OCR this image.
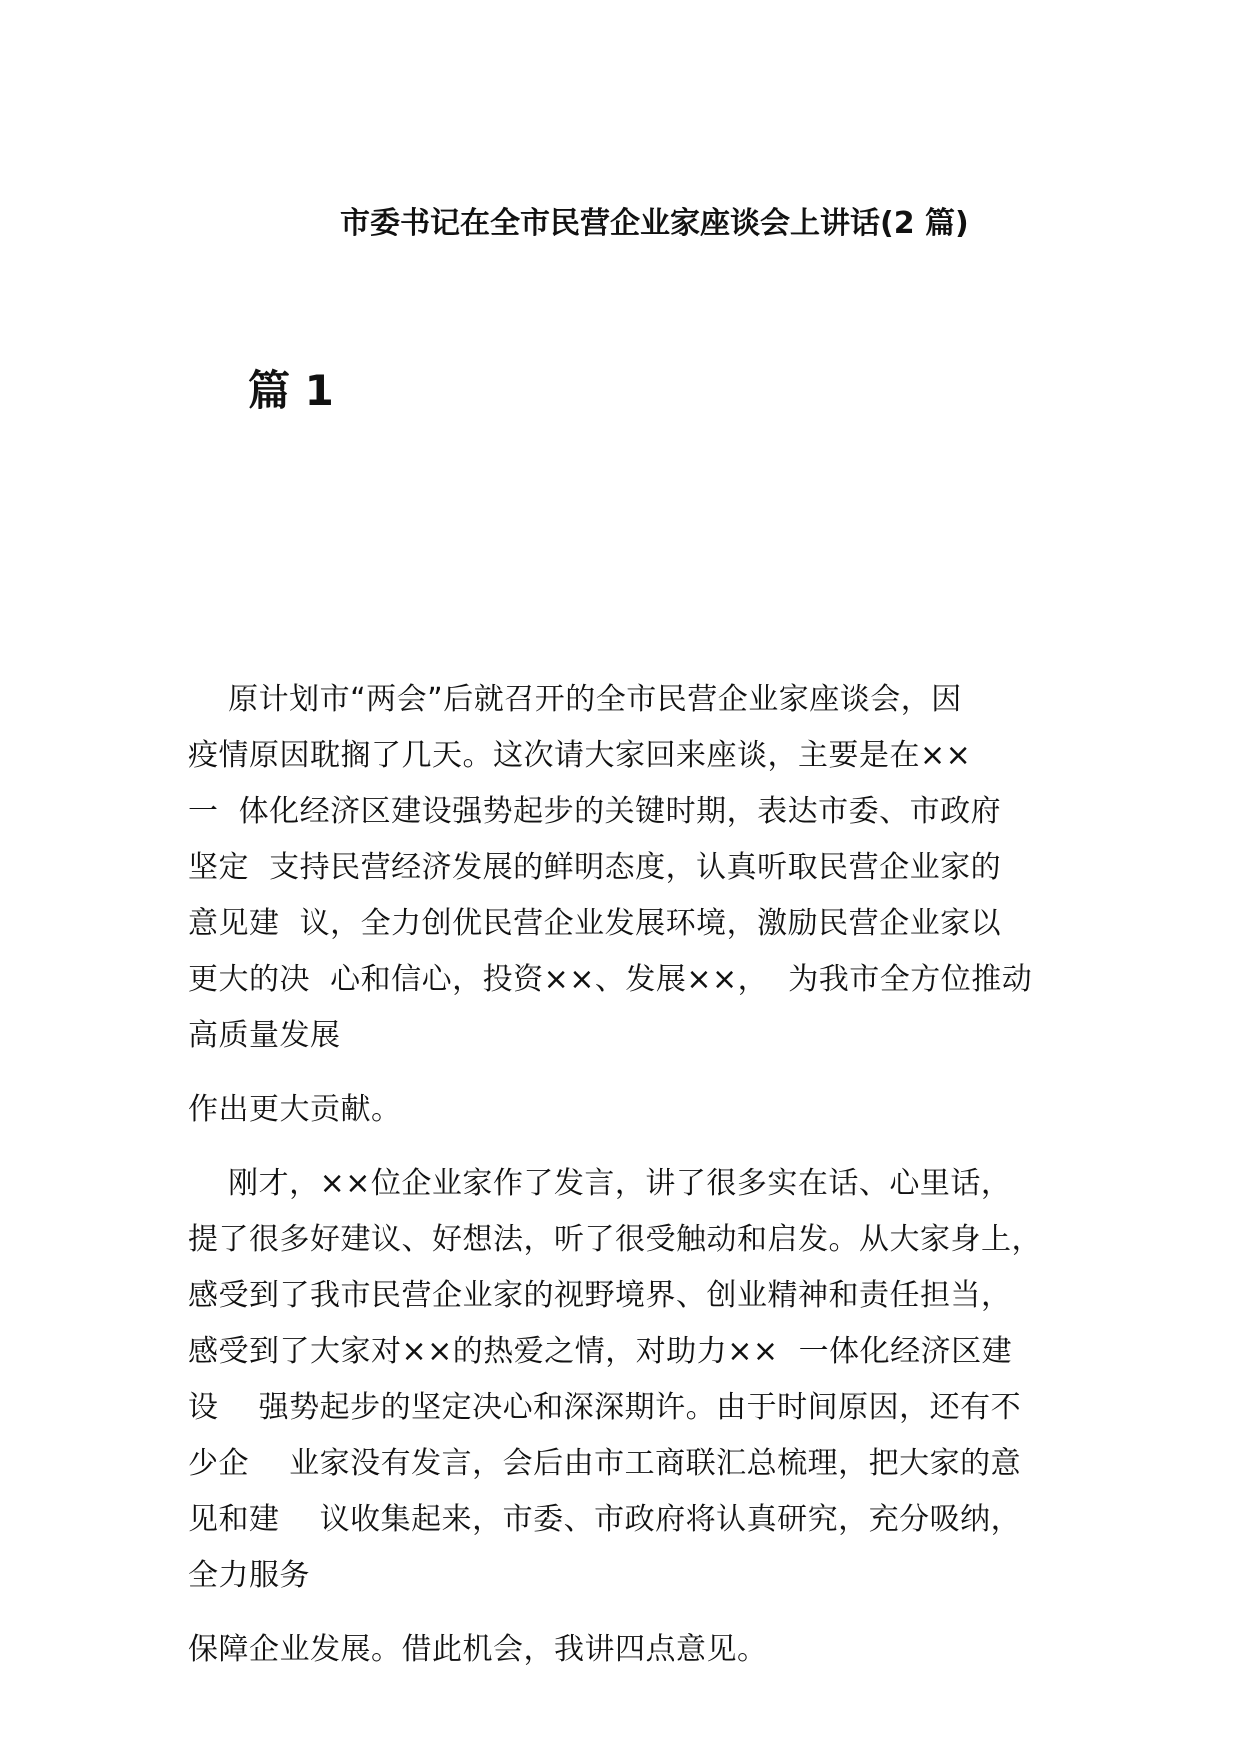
市委书记在全市民营企业家座谈会上讲话(2 篇)
篇 1
原计划市“两会”后就召开的全市民营企业家座谈会，因
疫情原因耽搁了几天。这次请大家回来座谈，主要是在××
一  体化经济区建设强势起步的关键时期，表达市委、市政府
坚定  支持民营经济发展的鲜明态度，认真听取民营企业家的
意见建  议，全力创优民营企业发展环境，激励民营企业家以
更大的决  心和信心，投资××、发展××，  为我市全方位推动
高质量发展
作出更大贡献。
刚才，××位企业家作了发言，讲了很多实在话、心里话，
提了很多好建议、好想法，听了很受触动和启发。从大家身上，
感受到了我市民营企业家的视野境界、创业精神和责任担当，
感受到了大家对××的热爱之情，对助力××  一体化经济区建
设    强势起步的坚定决心和深深期许。由于时间原因，还有不
少企    业家没有发言，会后由市工商联汇总梳理，把大家的意
见和建    议收集起来，市委、市政府将认真研究，充分吸纳，
全力服务
保障企业发展。借此机会，我讲四点意见。
